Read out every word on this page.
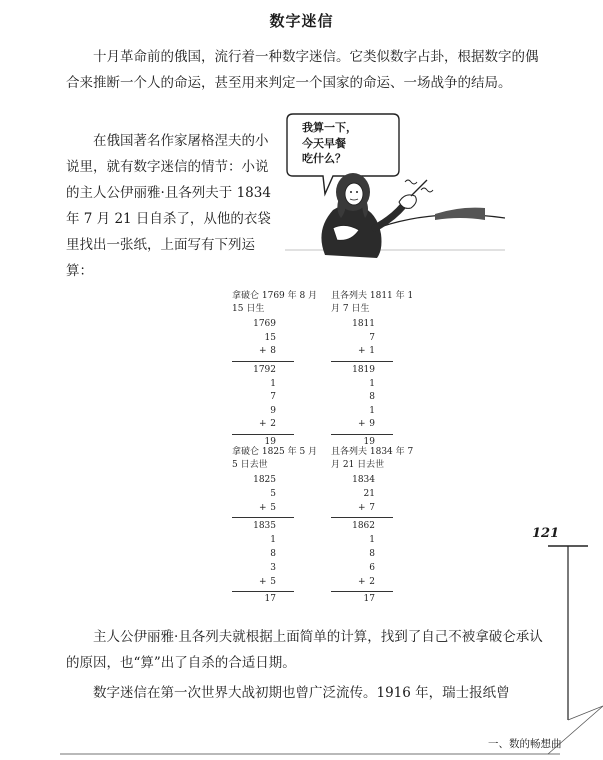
数字迷信

十月革命前的俄国，流行着一种数字迷信。它类似数字占卦，根据数字的偶合来推断一个人的命运，甚至用来判定一个国家的命运、一场战争的结局。

在俄国著名作家屠格涅夫的小说里，就有数字迷信的情节：小说的主人公伊丽雅·且各列夫于 1834 年 7 月 21 日自杀了，从他的衣袋里找出一张纸，上面写有下列运算：

我算一下，
今天早餐
吃什么？
拿破仑 1769 年 8 月 15 日生
1769
15
+ 8
1792
1
7
9
+ 2
19
且各列夫 1811 年 1 月 7 日生
1811
7
+ 1
1819
1
8
1
+ 9
19
拿破仑 1825 年 5 月 5 日去世
1825
5
+ 5
1835
1
8
3
+ 5
17
且各列夫 1834 年 7 月 21 日去世
1834
21
+ 7
1862
1
8
6
+ 2
17

主人公伊丽雅·且各列夫就根据上面简单的计算，找到了自己不被拿破仑承认的原因，也“算”出了自杀的合适日期。

数字迷信在第一次世界大战初期也曾广泛流传。1916 年，瑞士报纸曾

121
一、数的畅想曲
